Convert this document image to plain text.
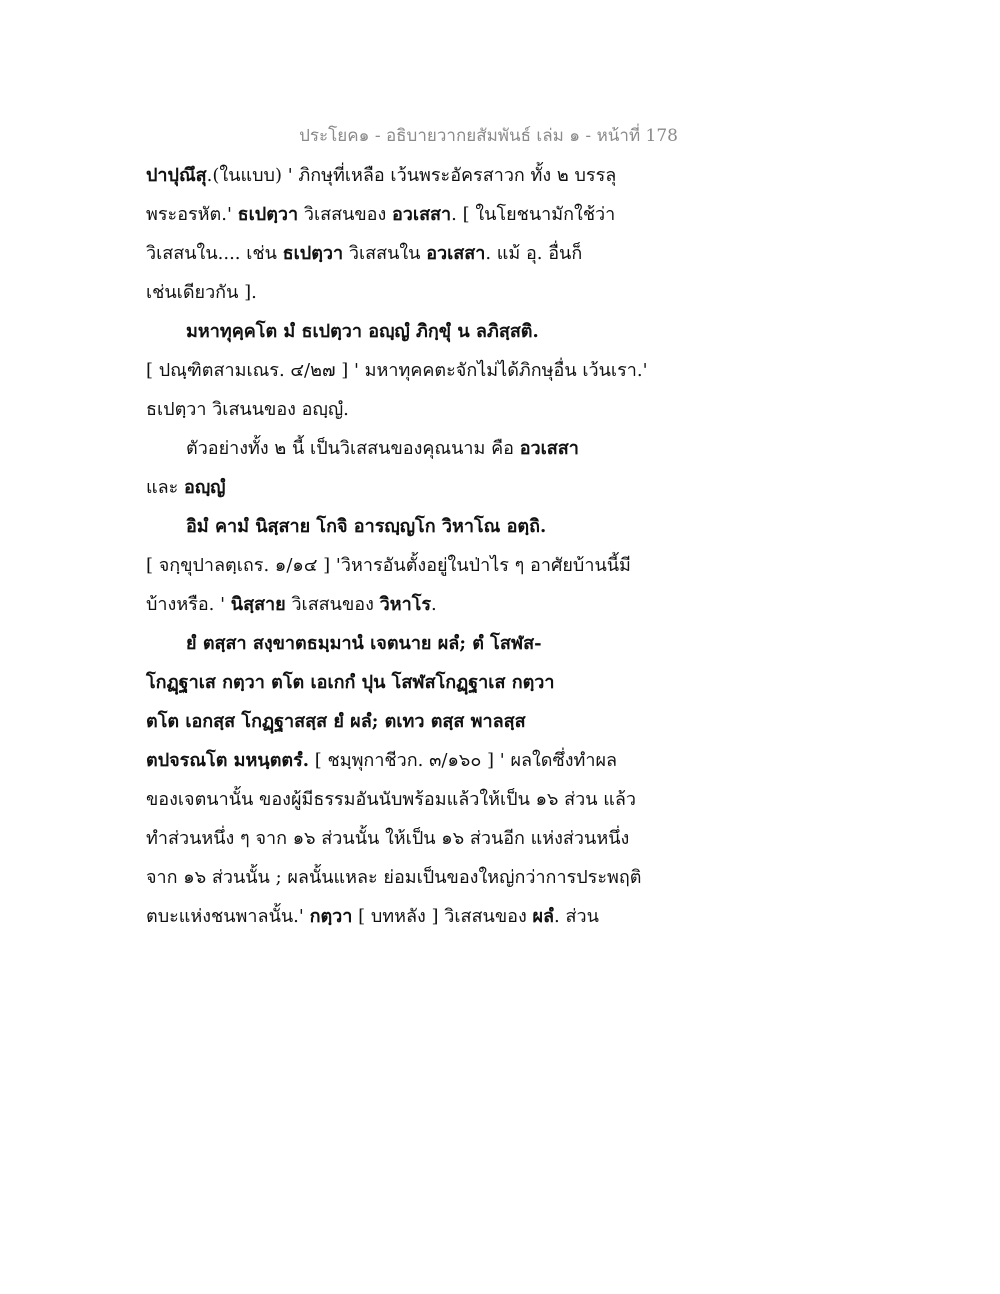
ประโยค๑ - อธิบายวากยสัมพันธ์ เล่ม ๑ - หน้าที่ 178
ปาปุณึสุ.(ในแบบ) ' ภิกษุที่เหลือ เว้นพระอัครสาวก ทั้ง ๒ บรรลุ
พระอรหัต.' ธเปตฺวา วิเสสนของ อวเสสา. [ ในโยชนามักใช้ว่า
วิเสสนใน.... เช่น ธเปตฺวา วิเสสนใน อวเสสา. แม้ อุ. อื่นก็
เช่นเดียวกัน ].
มหาทุคฺคโต มํ ธเปตฺวา อญฺญํ ภิกฺขุํ น ลภิสฺสติ.
[ ปณฺฑิตสามเณร. ๔/๒๗ ] ' มหาทุคคตะจักไม่ได้ภิกษุอื่น เว้นเรา.'
ธเปตฺวา วิเสนนของ อญฺญํ.
ตัวอย่างทั้ง ๒ นี้ เป็นวิเสสนของคุณนาม คือ อวเสสา
และ อญฺญํ
อิมํ คามํ นิสฺสาย โกจิ อารญฺญโก วิหาโณ อตฺถิ.
[ จกฺขุปาลตฺเถร. ๑/๑๔ ] 'วิหารอันตั้งอยู่ในป่าไร ๆ อาศัยบ้านนี้มี
บ้างหรือ. ' นิสฺสาย วิเสสนของ วิหาโร.
ยํ ตสฺสา สงฺขาตธมฺมานํ เจตนาย ผลํ; ตํ โสฬส-
โกฏฺฐาเส กตฺวา ตโต เอเกกํ ปุน โสฬสโกฏฺฐาเส กตฺวา
ตโต เอกสฺส โกฏฺฐาสสฺส ยํ ผลํ; ตเทว ตสฺส พาลสฺส
ตปจรณโต มหนฺตตรํ. [ ชมฺพุกาชีวก. ๓/๑๖๐ ] ' ผลใดซึ่งทำผล
ของเจตนานั้น ของผู้มีธรรมอันนับพร้อมแล้วให้เป็น ๑๖ ส่วน แล้ว
ทำส่วนหนึ่ง ๆ จาก ๑๖ ส่วนนั้น ให้เป็น ๑๖ ส่วนอีก แห่งส่วนหนึ่ง
จาก ๑๖ ส่วนนั้น ; ผลนั้นแหละ ย่อมเป็นของใหญ่กว่าการประพฤติ
ตบะแห่งชนพาลนั้น.' กตฺวา [ บทหลัง ] วิเสสนของ ผลํ. ส่วน
